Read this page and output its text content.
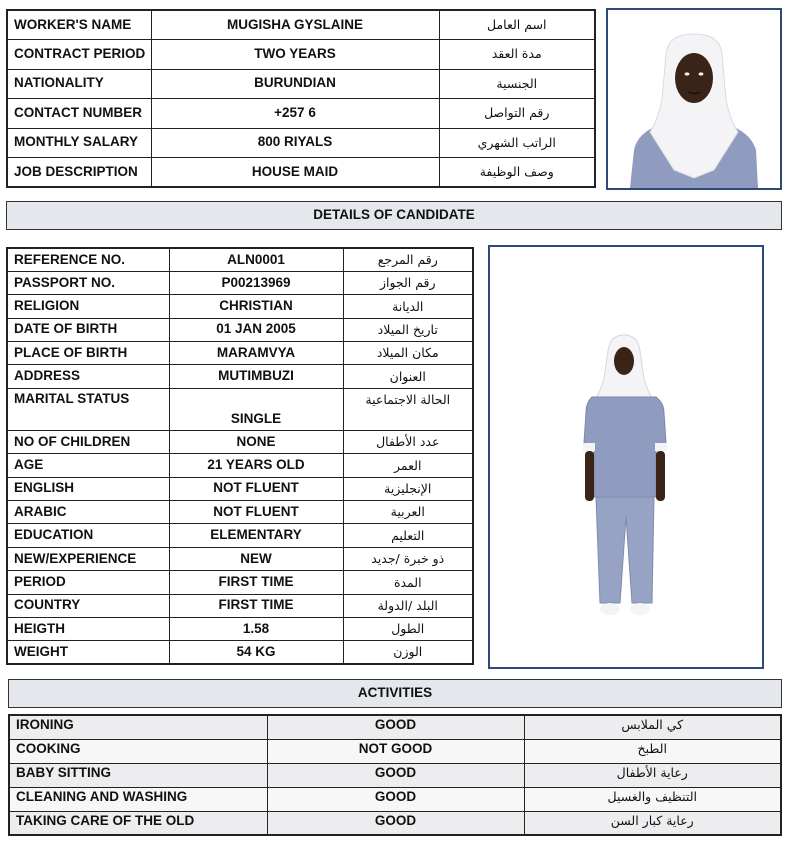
WORKER'S NAME	MUGISHA GYSLAINE	اسم العامل
CONTRACT PERIOD	TWO YEARS	مدة العقد
NATIONALITY	BURUNDIAN	الجنسية
CONTACT NUMBER	+257 6	رقم التواصل
MONTHLY SALARY	800 RIYALS	الراتب الشهري
JOB DESCRIPTION	HOUSE MAID	وصف الوظيفة
DETAILS OF CANDIDATE
REFERENCE NO.	ALN0001	رقم المرجع
PASSPORT NO.	P00213969	رقم الجواز
RELIGION	CHRISTIAN	الديانة
DATE OF BIRTH	01 JAN 2005	تاريخ الميلاد
PLACE OF BIRTH	MARAMVYA	مكان الميلاد
ADDRESS	MUTIMBUZI	العنوان
MARITAL STATUS	SINGLE	الحالة الاجتماعية
NO OF CHILDREN	NONE	عدد الأطفال
AGE	21 YEARS OLD	العمر
ENGLISH	NOT FLUENT	الإنجليزية
ARABIC	NOT FLUENT	العربية
EDUCATION	ELEMENTARY	التعليم
NEW/EXPERIENCE	NEW	ذو خبرة /جديد
PERIOD	FIRST TIME	المدة
COUNTRY	FIRST TIME	البلد /الدولة
HEIGTH	1.58	الطول
WEIGHT	54 KG	الوزن
ACTIVITIES
IRONING	GOOD	كي الملابس
COOKING	NOT GOOD	الطبخ
BABY SITTING	GOOD	رعاية الأطفال
CLEANING AND WASHING	GOOD	التنظيف والغسيل
TAKING CARE OF THE OLD	GOOD	رعاية كبار السن
